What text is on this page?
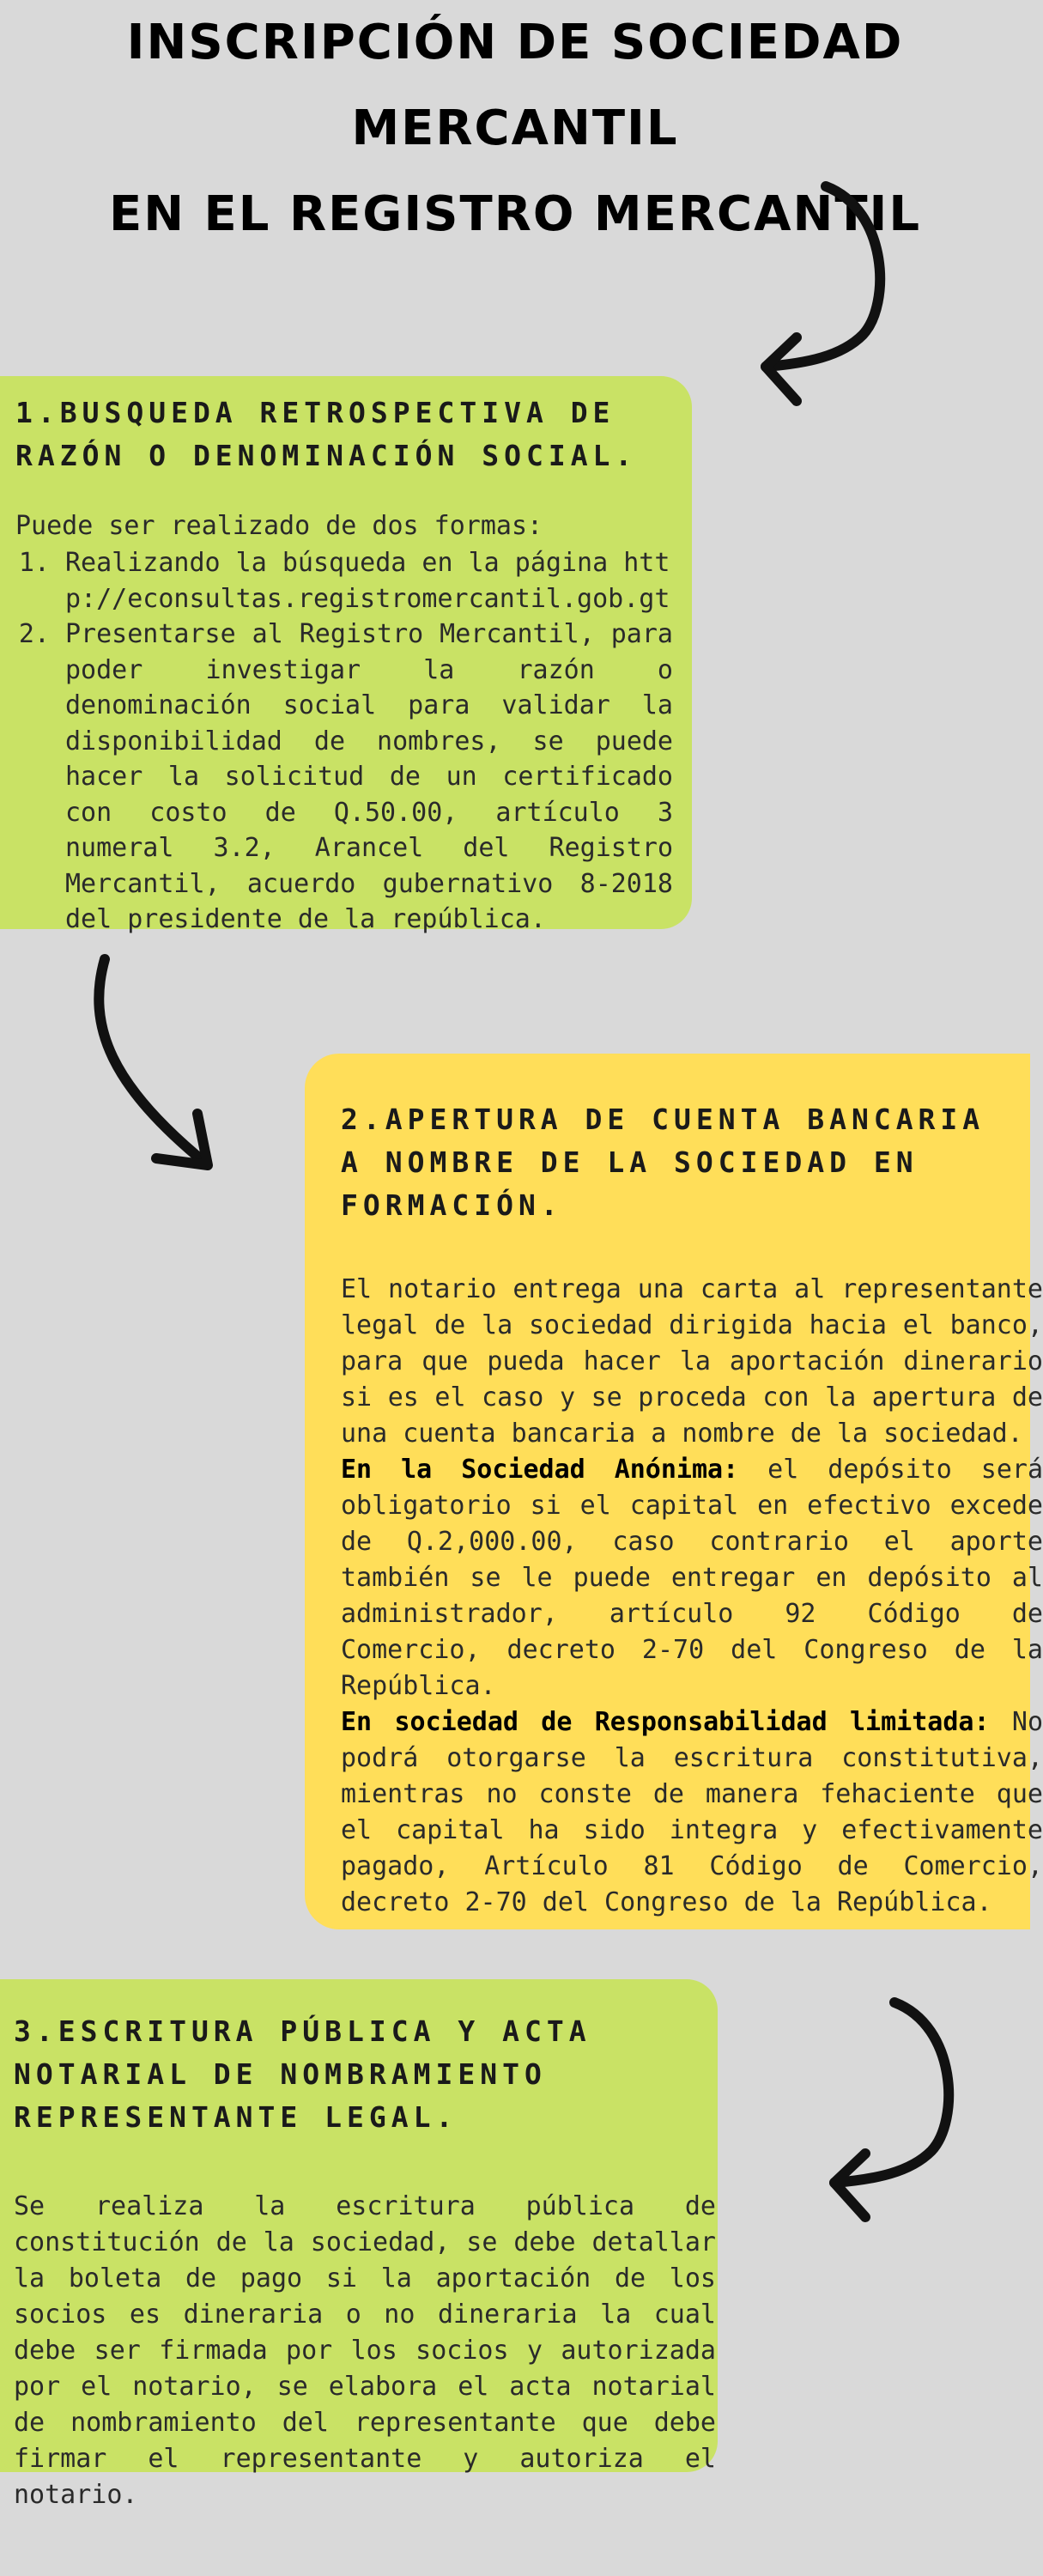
INSCRIPCIÓN DE SOCIEDAD MERCANTIL
EN EL REGISTRO MERCANTIL
1.BUSQUEDA RETROSPECTIVA DE
RAZÓN O DENOMINACIÓN SOCIAL.

Puede ser realizado de dos formas:

1. Realizando la búsqueda en la página http://econsultas.registromercantil.gob.gt
2. Presentarse al Registro Mercantil, para poder investigar la razón o denominación social para validar la disponibilidad de nombres, se puede hacer la solicitud de un certificado con costo de Q.50.00, artículo 3 numeral 3.2, Arancel del Registro Mercantil, acuerdo gubernativo 8-2018 del presidente de la república.
2.APERTURA DE CUENTA BANCARIA
A NOMBRE DE LA SOCIEDAD EN
FORMACIÓN.

El notario entrega una carta al representante legal de la sociedad dirigida hacia el banco, para que pueda hacer la aportación dinerario si es el caso y se proceda con la apertura de una cuenta bancaria a nombre de la sociedad.

En la Sociedad Anónima: el depósito será obligatorio si el capital en efectivo excede de Q.2,000.00, caso contrario el aporte también se le puede entregar en depósito al administrador, artículo 92 Código de Comercio, decreto 2-70 del Congreso de la República.

En sociedad de Responsabilidad limitada: No podrá otorgarse la escritura constitutiva, mientras no conste de manera fehaciente que el capital ha sido integra y efectivamente pagado, Artículo 81 Código de Comercio, decreto 2-70 del Congreso de la República.

3.ESCRITURA PÚBLICA Y ACTA
NOTARIAL DE NOMBRAMIENTO
REPRESENTANTE LEGAL.

Se realiza la escritura pública de constitución de la sociedad, se debe detallar la boleta de pago si la aportación de los socios es dineraria o no dineraria la cual debe ser firmada por los socios y autorizada por el notario, se elabora el acta notarial de nombramiento del representante que debe firmar el representante y autoriza el notario.
